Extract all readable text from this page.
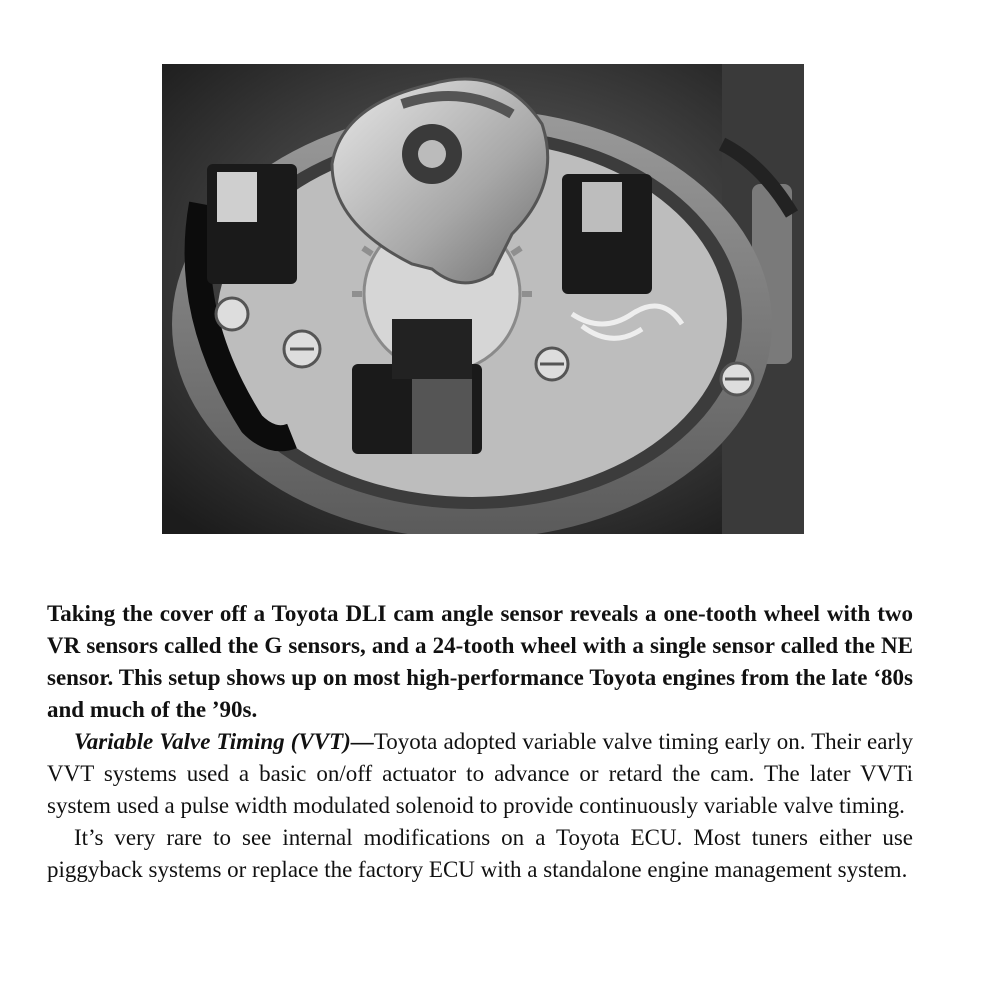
Taking the cover off a Toyota DLI cam angle sensor reveals a one-tooth wheel with two VR sensors called the G sensors, and a 24-tooth wheel with a single sensor called the NE sensor. This setup shows up on most high-performance Toyota engines from the late ‘80s and much of the ’90s.

Variable Valve Timing (VVT)—Toyota adopted variable valve timing early on. Their early VVT systems used a basic on/off actuator to advance or retard the cam. The later VVTi system used a pulse width modulated solenoid to provide continuously variable valve timing.

It’s very rare to see internal modifications on a Toyota ECU. Most tuners either use piggyback systems or replace the factory ECU with a standalone engine management system.
